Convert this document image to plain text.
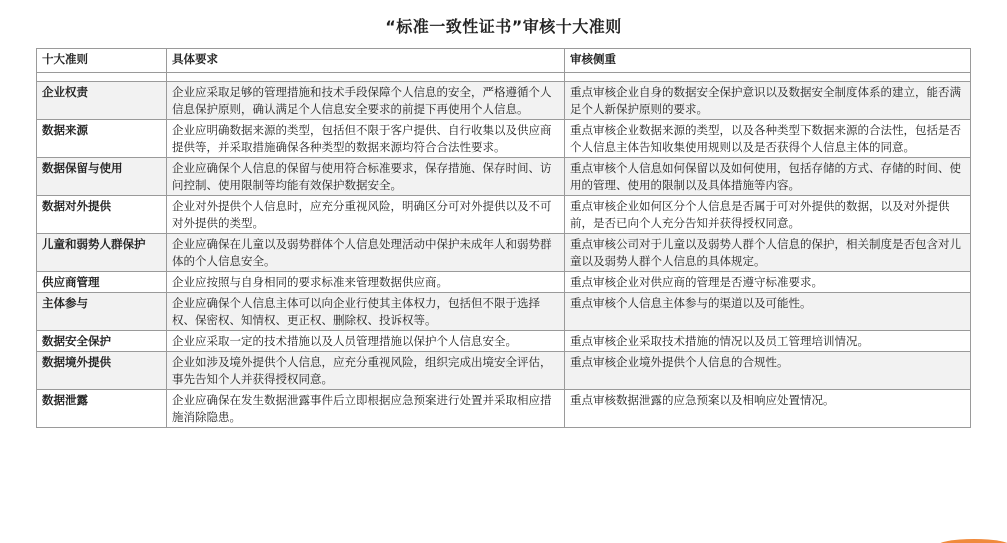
“标准一致性证书”审核十大准则
十大准则	具体要求	审核侧重

企业权责	企业应采取足够的管理措施和技术手段保障个人信息的安全，严格遵循个人信息保护原则，确认满足个人信息安全要求的前提下再使用个人信息。	重点审核企业自身的数据安全保护意识以及数据安全制度体系的建立，能否满足个人新保护原则的要求。
数据来源	企业应明确数据来源的类型，包括但不限于客户提供、自行收集以及供应商提供等，并采取措施确保各种类型的数据来源均符合合法性要求。	重点审核企业数据来源的类型，以及各种类型下数据来源的合法性，包括是否个人信息主体告知收集使用规则以及是否获得个人信息主体的同意。
数据保留与使用	企业应确保个人信息的保留与使用符合标准要求，保存措施、保存时间、访问控制、使用限制等均能有效保护数据安全。	重点审核个人信息如何保留以及如何使用，包括存储的方式、存储的时间、使用的管理、使用的限制以及具体措施等内容。
数据对外提供	企业对外提供个人信息时，应充分重视风险，明确区分可对外提供以及不可对外提供的类型。	重点审核企业如何区分个人信息是否属于可对外提供的数据，以及对外提供前，是否已向个人充分告知并获得授权同意。
儿童和弱势人群保护	企业应确保在儿童以及弱势群体个人信息处理活动中保护未成年人和弱势群体的个人信息安全。	重点审核公司对于儿童以及弱势人群个人信息的保护，相关制度是否包含对儿童以及弱势人群个人信息的具体规定。
供应商管理	企业应按照与自身相同的要求标准来管理数据供应商。	重点审核企业对供应商的管理是否遵守标准要求。
主体参与	企业应确保个人信息主体可以向企业行使其主体权力，包括但不限于选择权、保密权、知情权、更正权、删除权、投诉权等。	重点审核个人信息主体参与的渠道以及可能性。
数据安全保护	企业应采取一定的技术措施以及人员管理措施以保护个人信息安全。	重点审核企业采取技术措施的情况以及员工管理培训情况。
数据境外提供	企业如涉及境外提供个人信息，应充分重视风险，组织完成出境安全评估，事先告知个人并获得授权同意。	重点审核企业境外提供个人信息的合规性。
数据泄露	企业应确保在发生数据泄露事件后立即根据应急预案进行处置并采取相应措施消除隐患。	重点审核数据泄露的应急预案以及相响应处置情况。
